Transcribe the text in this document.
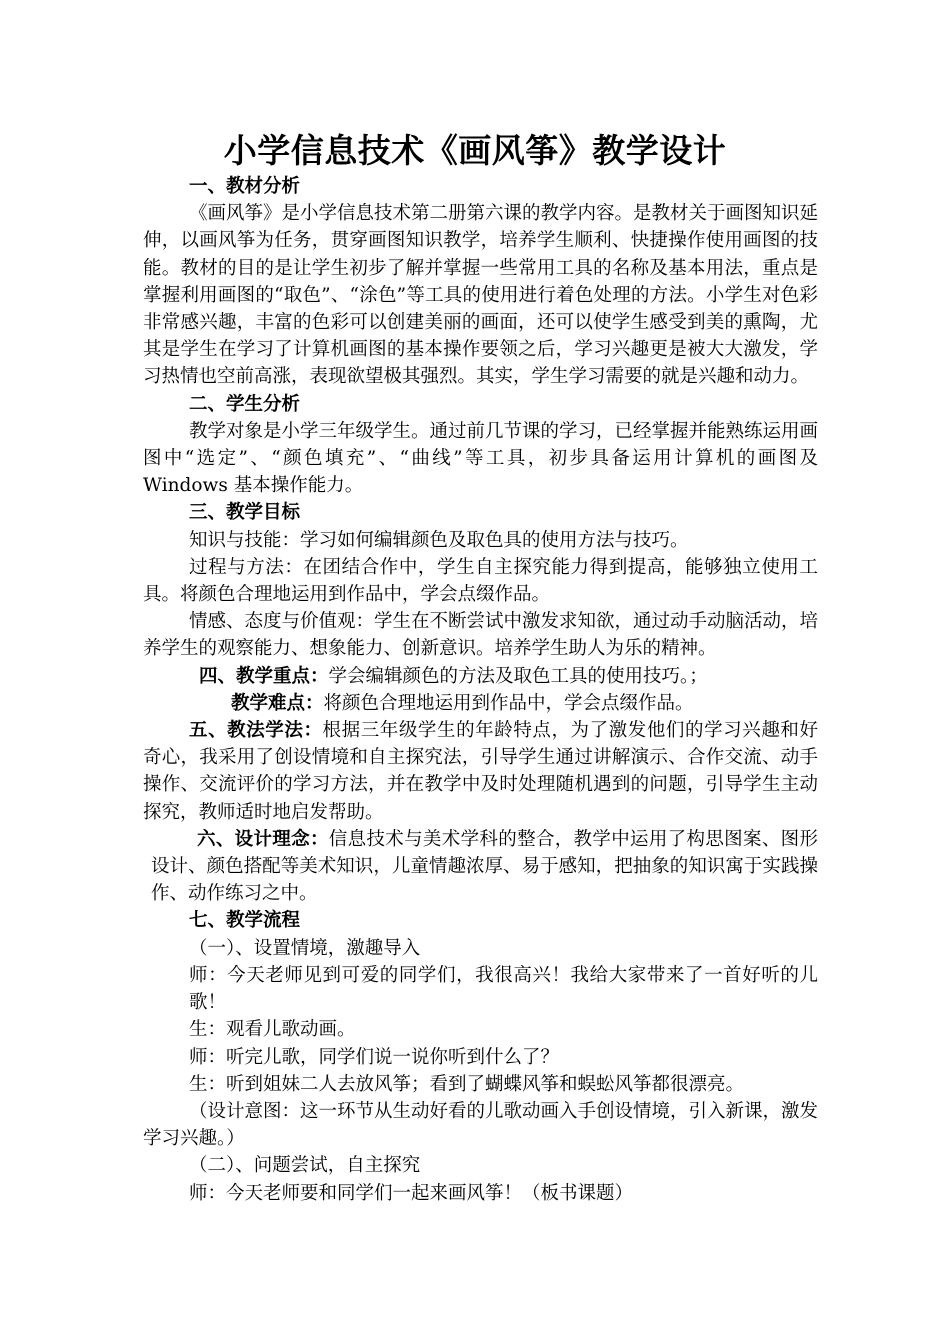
小学信息技术《画风筝》教学设计

一、教材分析

《画风筝》是小学信息技术第二册第六课的教学内容。是教材关于画图知识延伸，以画风筝为任务，贯穿画图知识教学，培养学生顺利、快捷操作使用画图的技能。教材的目的是让学生初步了解并掌握一些常用工具的名称及基本用法，重点是掌握利用画图的“取色”、“涂色”等工具的使用进行着色处理的方法。小学生对色彩非常感兴趣，丰富的色彩可以创建美丽的画面，还可以使学生感受到美的熏陶，尤其是学生在学习了计算机画图的基本操作要领之后，学习兴趣更是被大大激发，学习热情也空前高涨，表现欲望极其强烈。其实，学生学习需要的就是兴趣和动力。

二、学生分析

教学对象是小学三年级学生。通过前几节课的学习，已经掌握并能熟练运用画图中“选定”、“颜色填充”、“曲线”等工具，初步具备运用计算机的画图及 Windows 基本操作能力。

三、教学目标

知识与技能：学习如何编辑颜色及取色具的使用方法与技巧。

过程与方法：在团结合作中，学生自主探究能力得到提高，能够独立使用工具。将颜色合理地运用到作品中，学会点缀作品。

情感、态度与价值观：学生在不断尝试中激发求知欲，通过动手动脑活动，培养学生的观察能力、想象能力、创新意识。培养学生助人为乐的精神。

四、教学重点：学会编辑颜色的方法及取色工具的使用技巧。；

教学难点：将颜色合理地运用到作品中，学会点缀作品。

五、教法学法：根据三年级学生的年龄特点，为了激发他们的学习兴趣和好奇心，我采用了创设情境和自主探究法，引导学生通过讲解演示、合作交流、动手操作、交流评价的学习方法，并在教学中及时处理随机遇到的问题，引导学生主动探究，教师适时地启发帮助。

六、设计理念：信息技术与美术学科的整合，教学中运用了构思图案、图形设计、颜色搭配等美术知识，儿童情趣浓厚、易于感知，把抽象的知识寓于实践操作、动作练习之中。

七、教学流程

（一）、设置情境，激趣导入

师：今天老师见到可爱的同学们，我很高兴！我给大家带来了一首好听的儿歌！

生：观看儿歌动画。

师：听完儿歌，同学们说一说你听到什么了？

生：听到姐妹二人去放风筝；看到了蝴蝶风筝和蜈蚣风筝都很漂亮。

（设计意图：这一环节从生动好看的儿歌动画入手创设情境，引入新课，激发学习兴趣。）

（二）、问题尝试，自主探究

师：今天老师要和同学们一起来画风筝！（板书课题）
